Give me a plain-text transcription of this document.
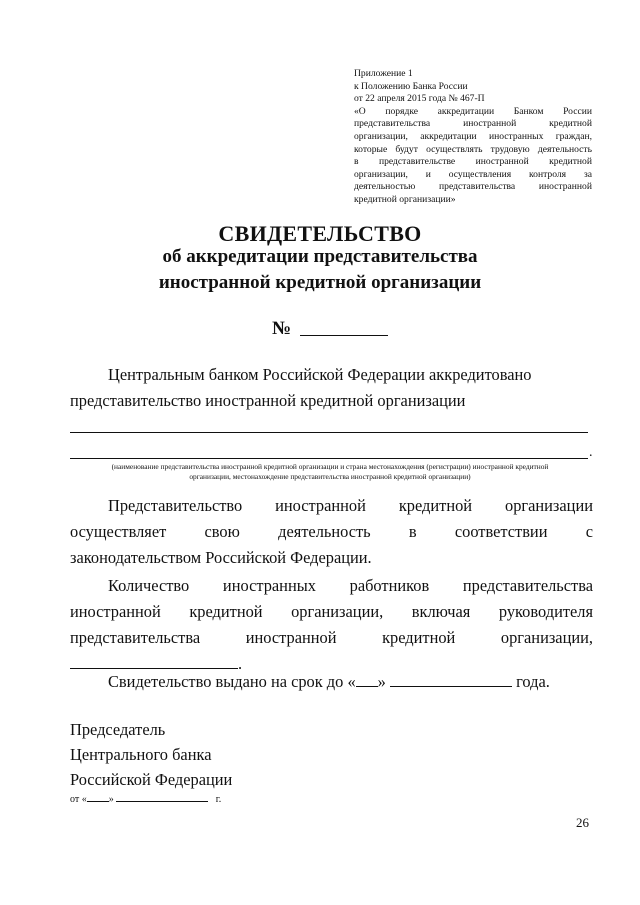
Приложение 1
к Положению Банка России
от 22 апреля 2015 года № 467-П
«О порядке аккредитации Банком России
представительства иностранной кредитной
организации, аккредитации иностранных граждан,
которые будут осуществлять трудовую деятельность
в представительстве иностранной кредитной
организации, и осуществления контроля за
деятельностью представительства иностранной
кредитной организации»
СВИДЕТЕЛЬСТВО
об аккредитации представительства
иностранной кредитной организации
№
Центральным банком Российской Федерации аккредитовано
представительство иностранной кредитной организации
.
(наименование представительства иностранной кредитной организации и страна местонахождения (регистрации) иностранной кредитной
организации, местонахождение представительства иностранной кредитной организации)
Представительство иностранной кредитной организации
осуществляет свою деятельность в соответствии с
законодательством Российской Федерации.
Количество иностранных работников представительства
иностранной кредитной организации, включая руководителя
представительства иностранной кредитной организации,
.
Свидетельство выдано на срок до « »	года.
Председатель
Центрального банка
Российской Федерации
от « »	г.
26
